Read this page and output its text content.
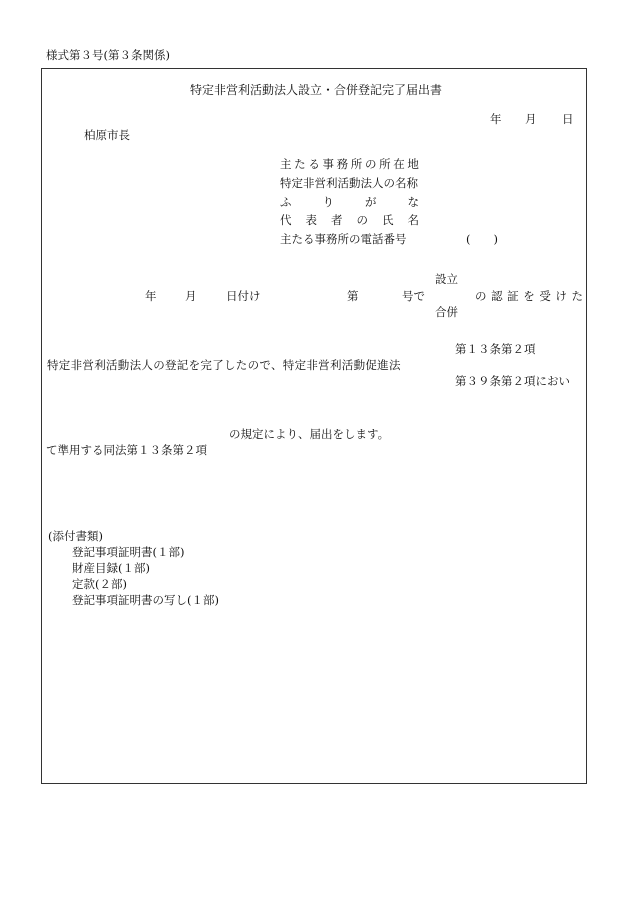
様式第３号(第３条関係)
特定非営利活動法人設立・合併登記完了届出書
年 月 日
柏原市長
主 た る 事 務 所 の 所 在 地
特定非営利活動法人の名称
ふ	り	が	な
代 表 者 の 氏 名
主たる事務所の電話番号	(　　)
年 月	日付け	第	号で
設立
合併
の 認 証 を 受 け た
第１３条第２項
特定非営利活動法人の登記を完了したので、特定非営利活動促進法
第３９条第２項におい
の規定により、届出をします。
て準用する同法第１３条第２項
(添付書類)
登記事項証明書(１部)
財産目録(１部)
定款(２部)
登記事項証明書の写し(１部)
